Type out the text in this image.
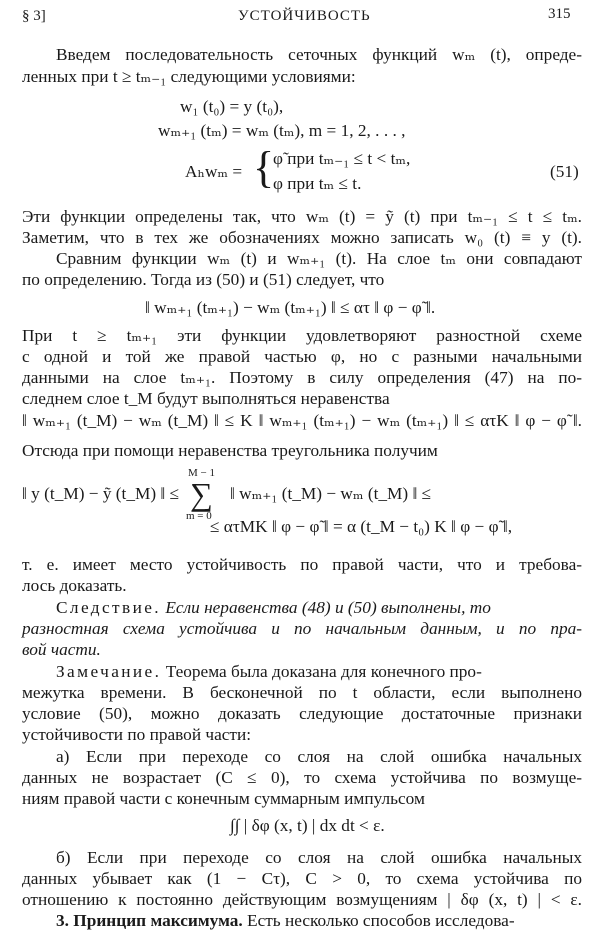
§ 3]	УСТОЙЧИВОСТЬ	315
Введем последовательность сеточных функций wₘ (t), опреде-
ленных при t ≥ tₘ₋₁ следующими условиями:
w₁ (t₀) = y (t₀),
wₘ₊₁ (tₘ) = wₘ (tₘ), m = 1, 2, . . . ,
Aₕwₘ = {
φ̃ при tₘ₋₁ ≤ t < tₘ,
φ при tₘ ≤ t.
(51)
Эти функции определены так, что wₘ (t) = ỹ (t) при tₘ₋₁ ≤ t ≤ tₘ.
Заметим, что в тех же обозначениях можно записать w₀ (t) ≡ y (t).
Сравним функции wₘ (t) и wₘ₊₁ (t). На слое tₘ они совпадают
по определению. Тогда из (50) и (51) следует, что
‖ wₘ₊₁ (tₘ₊₁) − wₘ (tₘ₊₁) ‖ ≤ ατ ‖ φ − φ̃ ‖.
При t ≥ tₘ₊₁ эти функции удовлетворяют разностной схеме
с одной и той же правой частью φ, но с разными начальными
данными на слое tₘ₊₁. Поэтому в силу определения (47) на по-
следнем слое t_M будут выполняться неравенства
‖ wₘ₊₁ (t_M) − wₘ (t_M) ‖ ≤ K ‖ wₘ₊₁ (tₘ₊₁) − wₘ (tₘ₊₁) ‖ ≤ ατK ‖ φ − φ̃ ‖.
Отсюда при помощи неравенства треугольника получим
M − 1
∑
m = 0
‖ y (t_M) − ỹ (t_M) ‖ ≤	‖ wₘ₊₁ (t_M) − wₘ (t_M) ‖ ≤
≤ ατMK ‖ φ − φ̃ ‖ = α (t_M − t₀) K ‖ φ − φ̃ ‖,
т. е. имеет место устойчивость по правой части, что и требова-
лось доказать.
Следствие. Если неравенства (48) и (50) выполнены, то
разностная схема устойчива и по начальным данным, и по пра-
вой части.
Замечание. Теорема была доказана для конечного про-
межутка времени. В бесконечной по t области, если выполнено
условие (50), можно доказать следующие достаточные признаки
устойчивости по правой части:
а) Если при переходе со слоя на слой ошибка начальных
данных не возрастает (C ≤ 0), то схема устойчива по возмуще-
ниям правой части с конечным суммарным импульсом
∫∫ | δφ (x, t) | dx dt < ε.
б) Если при переходе со слоя на слой ошибка начальных
данных убывает как (1 − Cτ), C > 0, то схема устойчива по
отношению к постоянно действующим возмущениям | δφ (x, t) | < ε.
3. Принцип максимума. Есть несколько способов исследова-
